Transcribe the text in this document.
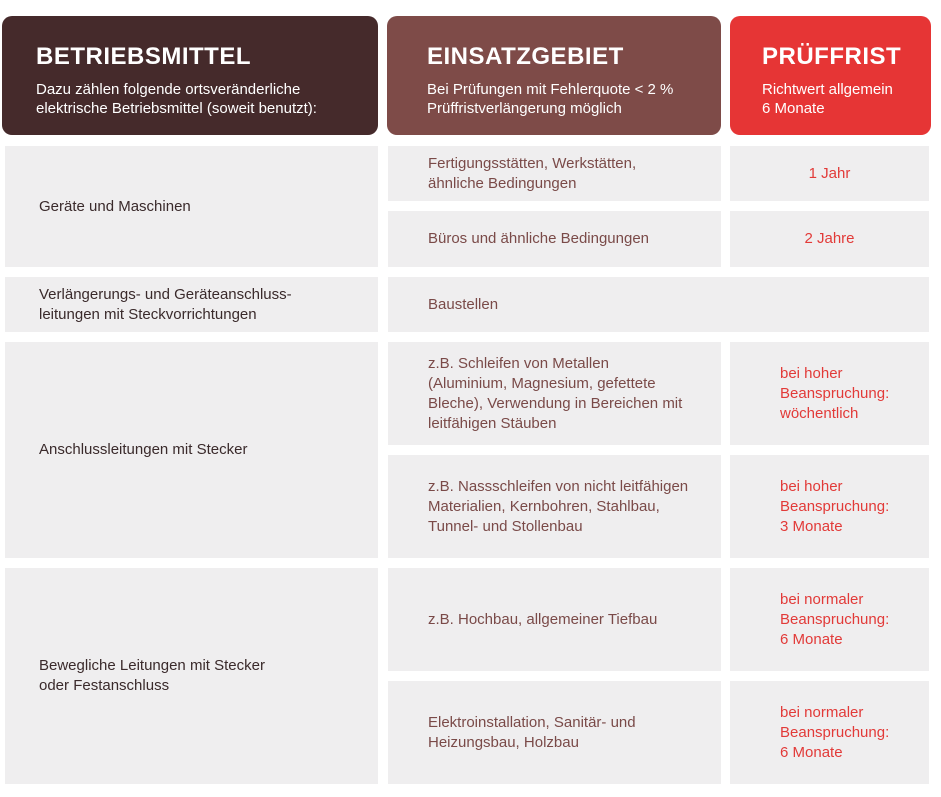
BETRIEBSMITTEL
Dazu zählen folgende ortsveränderliche
elektrische Betriebsmittel (soweit benutzt):
EINSATZGEBIET
Bei Prüfungen mit Fehlerquote < 2 %
Prüffristverlängerung möglich
PRÜFFRIST
Richtwert allgemein
6 Monate
Geräte und Maschinen
Fertigungsstätten, Werkstätten,
ähnliche Bedingungen
1 Jahr
Büros und ähnliche Bedingungen	2 Jahre
Verlängerungs- und Geräteanschluss-
leitungen mit Steckvorrichtungen
Baustellen
Anschlussleitungen mit Stecker
z.B. Schleifen von Metallen
(Aluminium, Magnesium, gefettete
Bleche), Verwendung in Bereichen mit
leitfähigen Stäuben
bei hoher
Beanspruchung:
wöchentlich
z.B. Nassschleifen von nicht leitfähigen
Materialien, Kernbohren, Stahlbau,
Tunnel- und Stollenbau
bei hoher
Beanspruchung:
3 Monate
Bewegliche Leitungen mit Stecker
oder Festanschluss
z.B. Hochbau, allgemeiner Tiefbau
bei normaler
Beanspruchung:
6 Monate
Elektroinstallation, Sanitär- und
Heizungsbau, Holzbau
bei normaler
Beanspruchung:
6 Monate
